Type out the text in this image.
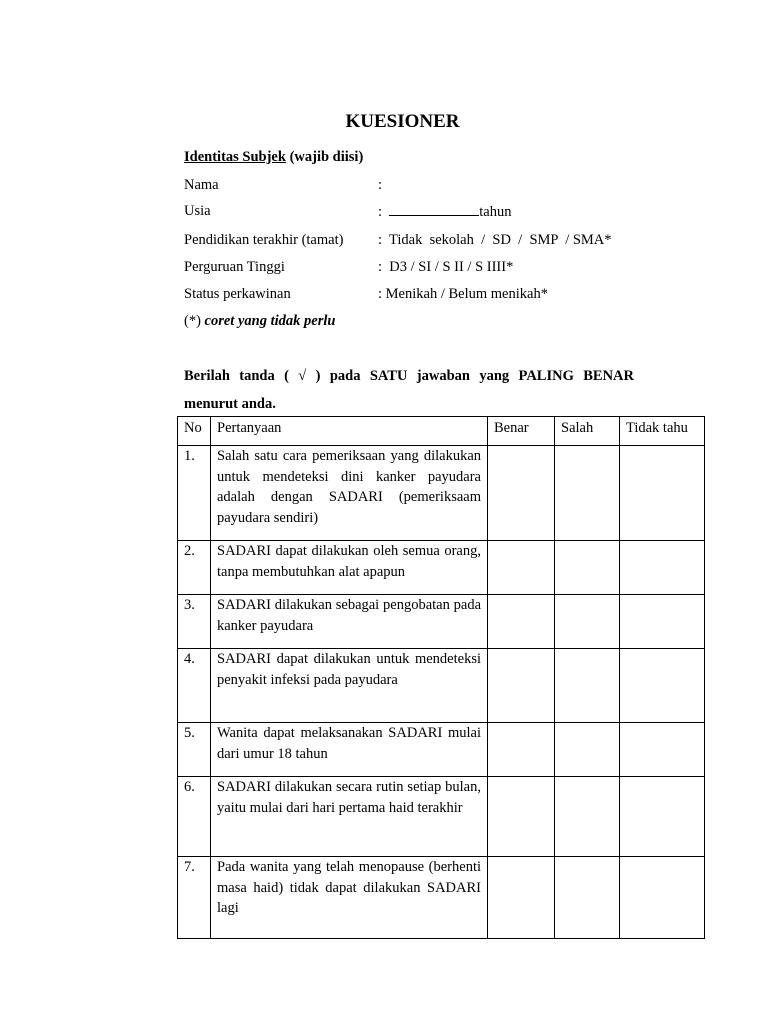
KUESIONER
Identitas Subjek (wajib diisi)
Nama	:
Usia	:	tahun
Pendidikan terakhir (tamat) :  Tidak  sekolah  /  SD  /  SMP  / SMA*
Perguruan Tinggi	:  D3 / SI / S II / S IIII*
Status perkawinan	: Menikah / Belum menikah*
(*) coret yang tidak perlu
Berilah tanda ( √ ) pada SATU jawaban yang PALING BENAR menurut anda.
No	Pertanyaan	Benar	Salah	Tidak tahu
1.	Salah satu cara pemeriksaan yang dilakukan untuk mendeteksi dini kanker payudara adalah dengan SADARI (pemeriksaam payudara sendiri)			
2.	SADARI dapat dilakukan oleh semua orang, tanpa membutuhkan alat apapun			
3.	SADARI dilakukan sebagai pengobatan pada kanker payudara			
4.	SADARI dapat dilakukan untuk mendeteksi penyakit infeksi pada payudara			
5.	Wanita dapat melaksanakan SADARI mulai dari umur 18 tahun			
6.	SADARI dilakukan secara rutin setiap bulan, yaitu mulai dari hari pertama haid terakhir			
7.	Pada wanita yang telah menopause (berhenti masa haid) tidak dapat dilakukan SADARI lagi			
